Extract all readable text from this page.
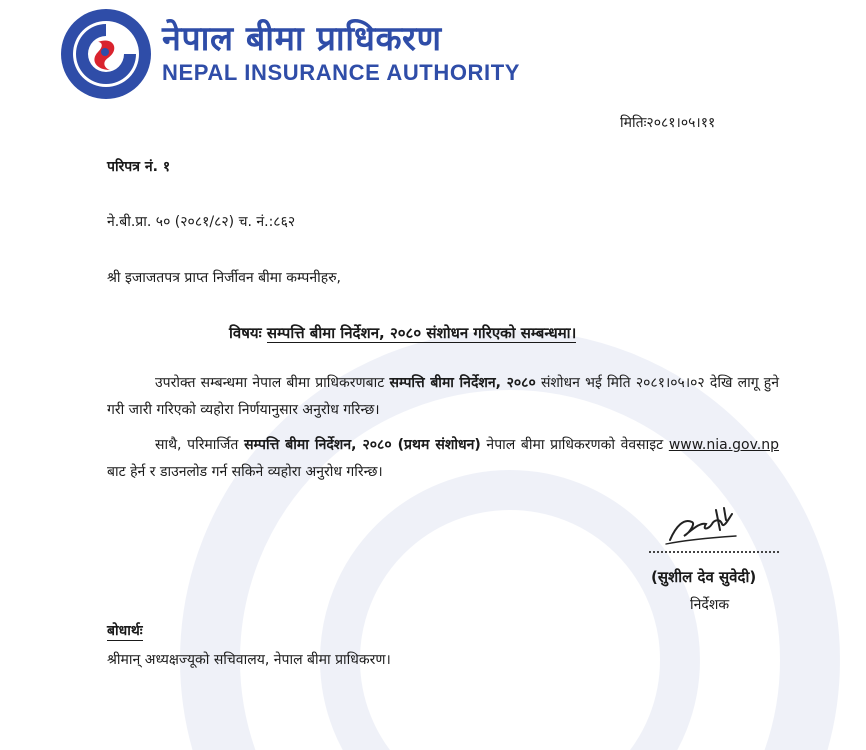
नेपाल बीमा प्राधिकरण
NEPAL INSURANCE AUTHORITY
मितिः२०८१।०५।११
परिपत्र नं. १
ने.बी.प्रा. ५० (२०८१/८२) च. नं.:८६२
श्री इजाजतपत्र प्राप्त निर्जीवन बीमा कम्पनीहरु,
विषयः सम्पत्ति बीमा निर्देशन, २०८० संशोधन गरिएको सम्बन्धमा।
उपरोक्त सम्बन्धमा नेपाल बीमा प्राधिकरणबाट सम्पत्ति बीमा निर्देशन, २०८० संशोधन भई मिति २०८१।०५।०२ देखि लागू हुने गरी जारी गरिएको व्यहोरा निर्णयानुसार अनुरोध गरिन्छ।
साथै, परिमार्जित सम्पत्ति बीमा निर्देशन, २०८० (प्रथम संशोधन) नेपाल बीमा प्राधिकरणको वेवसाइट www.nia.gov.np बाट हेर्न र डाउनलोड गर्न सकिने व्यहोरा अनुरोध गरिन्छ।
(सुशील देव सुवेदी)
निर्देशक
बोधार्थः
श्रीमान् अध्यक्षज्यूको सचिवालय, नेपाल बीमा प्राधिकरण।
